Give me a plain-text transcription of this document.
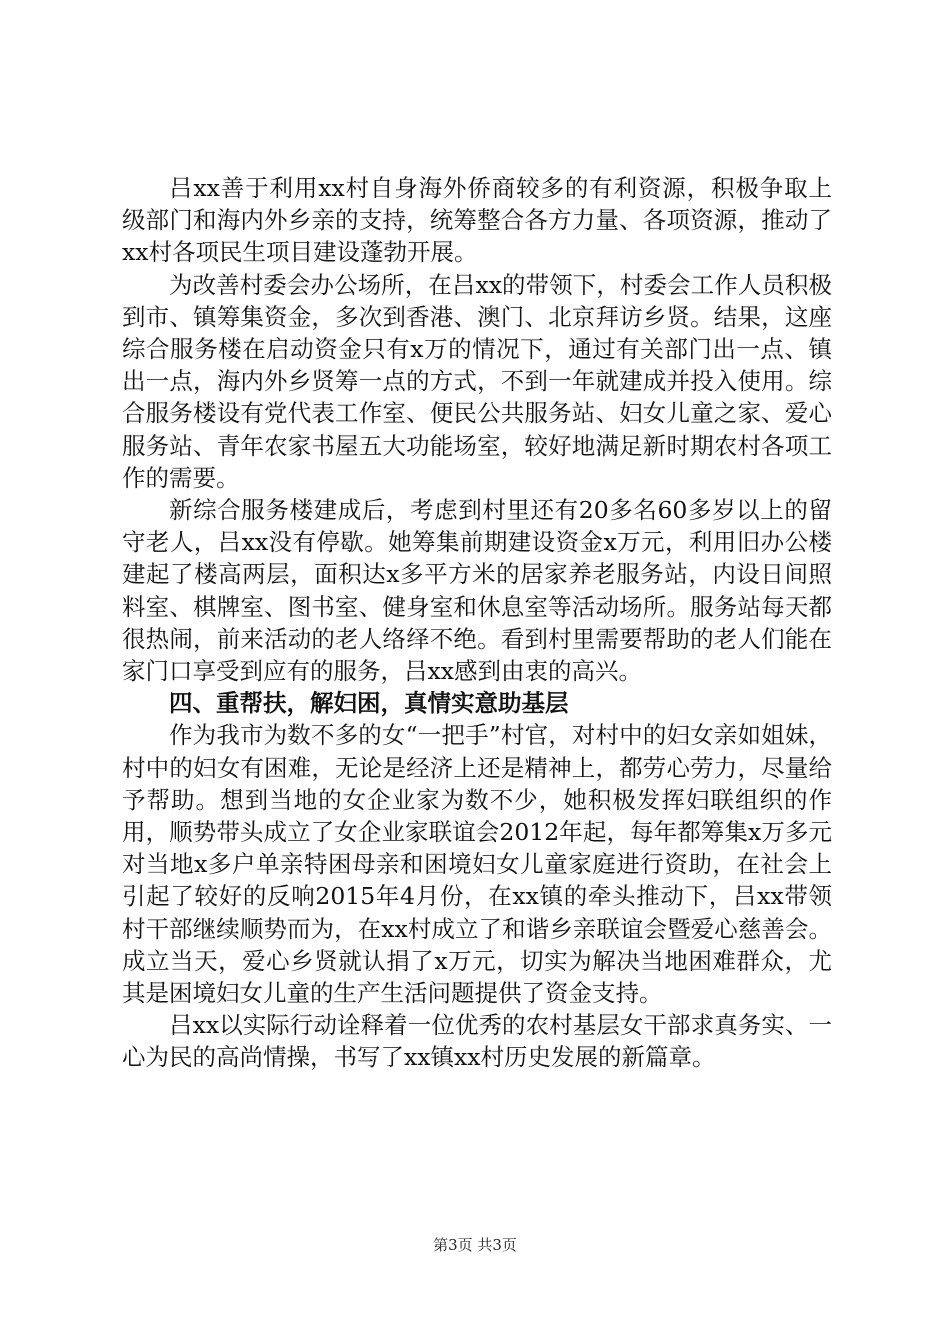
吕xx善于利用xx村自身海外侨商较多的有利资源，积极争取上级部门和海内外乡亲的支持，统筹整合各方力量、各项资源，推动了xx村各项民生项目建设蓬勃开展。

为改善村委会办公场所，在吕xx的带领下，村委会工作人员积极到市、镇筹集资金，多次到香港、澳门、北京拜访乡贤。结果，这座综合服务楼在启动资金只有x万的情况下，通过有关部门出一点、镇出一点，海内外乡贤筹一点的方式，不到一年就建成并投入使用。综合服务楼设有党代表工作室、便民公共服务站、妇女儿童之家、爱心服务站、青年农家书屋五大功能场室，较好地满足新时期农村各项工作的需要。

新综合服务楼建成后，考虑到村里还有20多名60多岁以上的留守老人，吕xx没有停歇。她筹集前期建设资金x万元，利用旧办公楼建起了楼高两层，面积达x多平方米的居家养老服务站，内设日间照料室、棋牌室、图书室、健身室和休息室等活动场所。服务站每天都很热闹，前来活动的老人络绎不绝。看到村里需要帮助的老人们能在家门口享受到应有的服务，吕xx感到由衷的高兴。

四、重帮扶，解妇困，真情实意助基层

作为我市为数不多的女“一把手”村官，对村中的妇女亲如姐妹，村中的妇女有困难，无论是经济上还是精神上，都劳心劳力，尽量给予帮助。想到当地的女企业家为数不少，她积极发挥妇联组织的作用，顺势带头成立了女企业家联谊会2012年起，每年都筹集x万多元对当地x多户单亲特困母亲和困境妇女儿童家庭进行资助，在社会上引起了较好的反响2015年4月份，在xx镇的牵头推动下，吕xx带领村干部继续顺势而为，在xx村成立了和谐乡亲联谊会暨爱心慈善会。成立当天，爱心乡贤就认捐了x万元，切实为解决当地困难群众，尤其是困境妇女儿童的生产生活问题提供了资金支持。

吕xx以实际行动诠释着一位优秀的农村基层女干部求真务实、一心为民的高尚情操，书写了xx镇xx村历史发展的新篇章。

第3页 共3页
